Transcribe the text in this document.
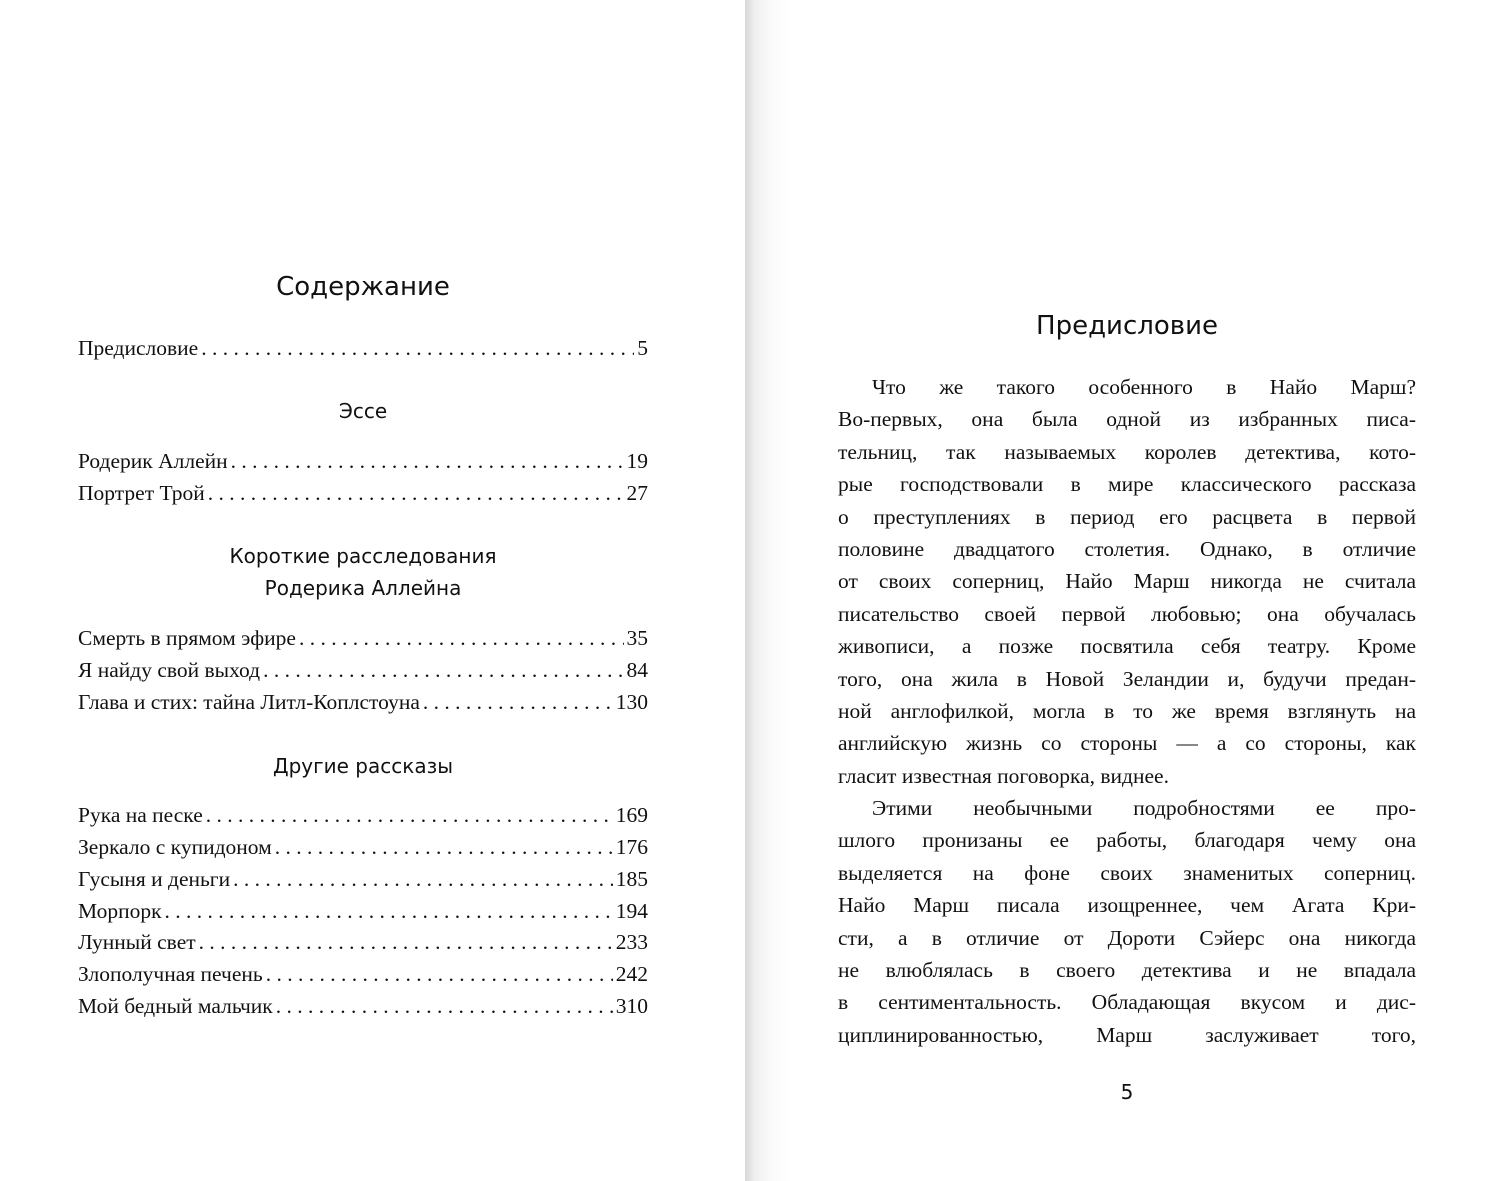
Содержание
Предисловие . . .	5
Эссе
Родерик Аллейн . . .	19
Портрет Трой . . .	27
Короткие расследования
Родерика Аллейна
Смерть в прямом эфире . . .	35
Я найду свой выход . . .	84
Глава и стих: тайна Литл-Коплстоуна . . .	130
Другие рассказы
Рука на песке . . .	169
Зеркало с купидоном . . .	176
Гусыня и деньги . . .	185
Морпорк . . .	194
Лунный свет . . .	233
Злополучная печень . . .	242
Мой бедный мальчик . . .	310
Предисловие
Что же такого особенного в Найо Марш?
Во-первых, она была одной из избранных писа-
тельниц, так называемых королев детектива, кото-
рые господствовали в мире классического рассказа
о преступлениях в период его расцвета в первой
половине двадцатого столетия. Однако, в отличие
от своих соперниц, Найо Марш никогда не считала
писательство своей первой любовью; она обучалась
живописи, а позже посвятила себя театру. Кроме
того, она жила в Новой Зеландии и, будучи предан-
ной англофилкой, могла в то же время взглянуть на
английскую жизнь со стороны — а со стороны, как
гласит известная поговорка, виднее.
Этими необычными подробностями ее про-
шлого пронизаны ее работы, благодаря чему она
выделяется на фоне своих знаменитых соперниц.
Найо Марш писала изощреннее, чем Агата Кри-
сти, а в отличие от Дороти Сэйерс она никогда
не влюблялась в своего детектива и не впадала
в сентиментальность. Обладающая вкусом и дис-
циплинированностью, Марш заслуживает того,
5
